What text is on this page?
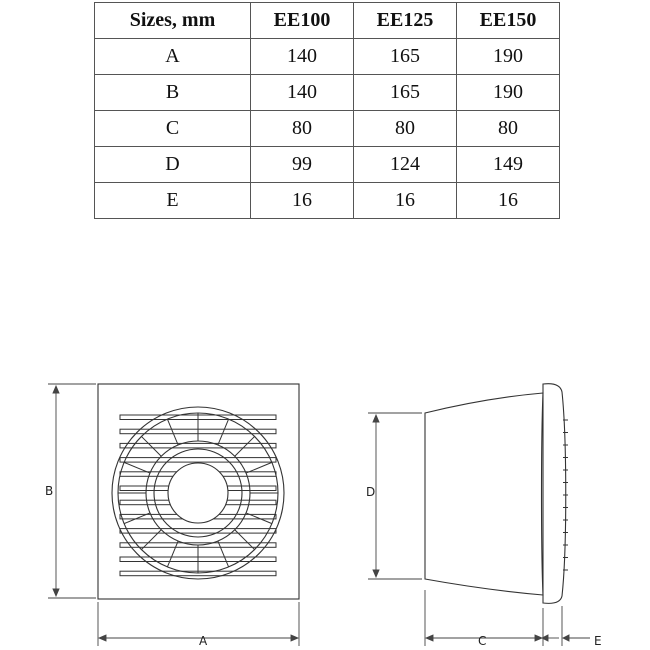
Sizes, mm	EE100	EE125	EE150
A	140	165	190
B	140	165	190
C	80	80	80
D	99	124	149
E	16	16	16
B
A
D
C	E
